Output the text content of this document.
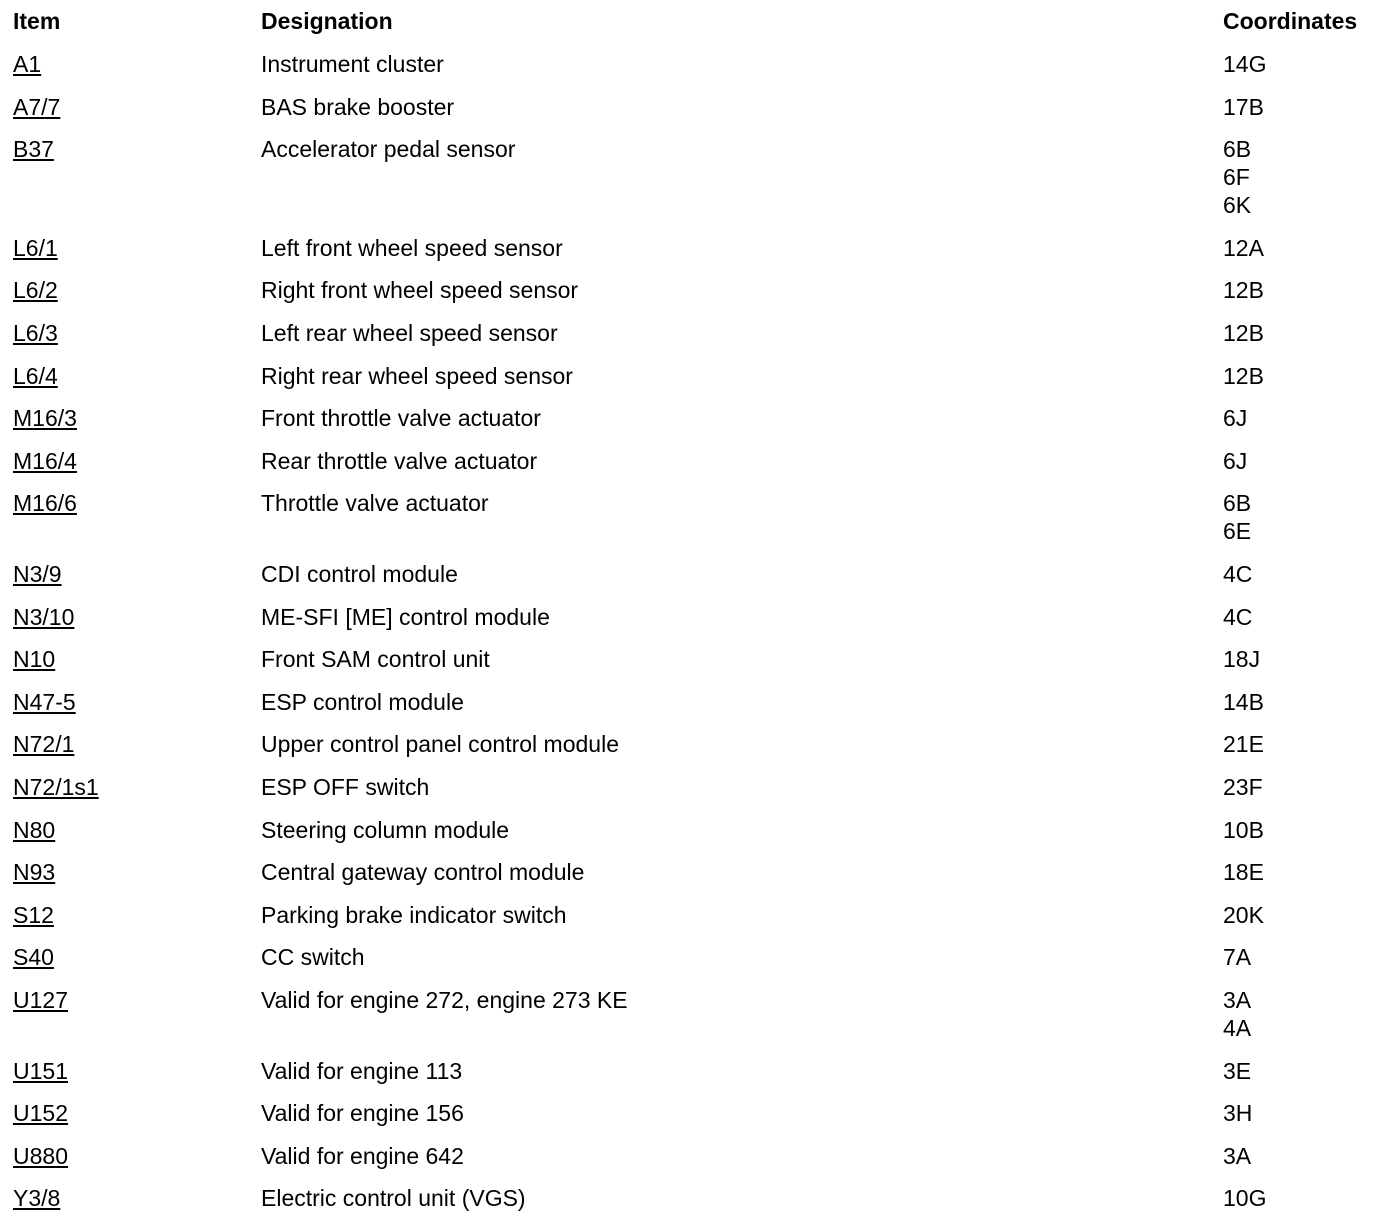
Item	Designation	Coordinates
A1	Instrument cluster	14G
A7/7	BAS brake booster	17B
B37	Accelerator pedal sensor	6B
6F
6K
L6/1	Left front wheel speed sensor	12A
L6/2	Right front wheel speed sensor	12B
L6/3	Left rear wheel speed sensor	12B
L6/4	Right rear wheel speed sensor	12B
M16/3	Front throttle valve actuator	6J
M16/4	Rear throttle valve actuator	6J
M16/6	Throttle valve actuator	6B
6E
N3/9	CDI control module	4C
N3/10	ME-SFI [ME] control module	4C
N10	Front SAM control unit	18J
N47-5	ESP control module	14B
N72/1	Upper control panel control module	21E
N72/1s1	ESP OFF switch	23F
N80	Steering column module	10B
N93	Central gateway control module	18E
S12	Parking brake indicator switch	20K
S40	CC switch	7A
U127	Valid for engine 272, engine 273 KE	3A
4A
U151	Valid for engine 113	3E
U152	Valid for engine 156	3H
U880	Valid for engine 642	3A
Y3/8	Electric control unit (VGS)	10G
